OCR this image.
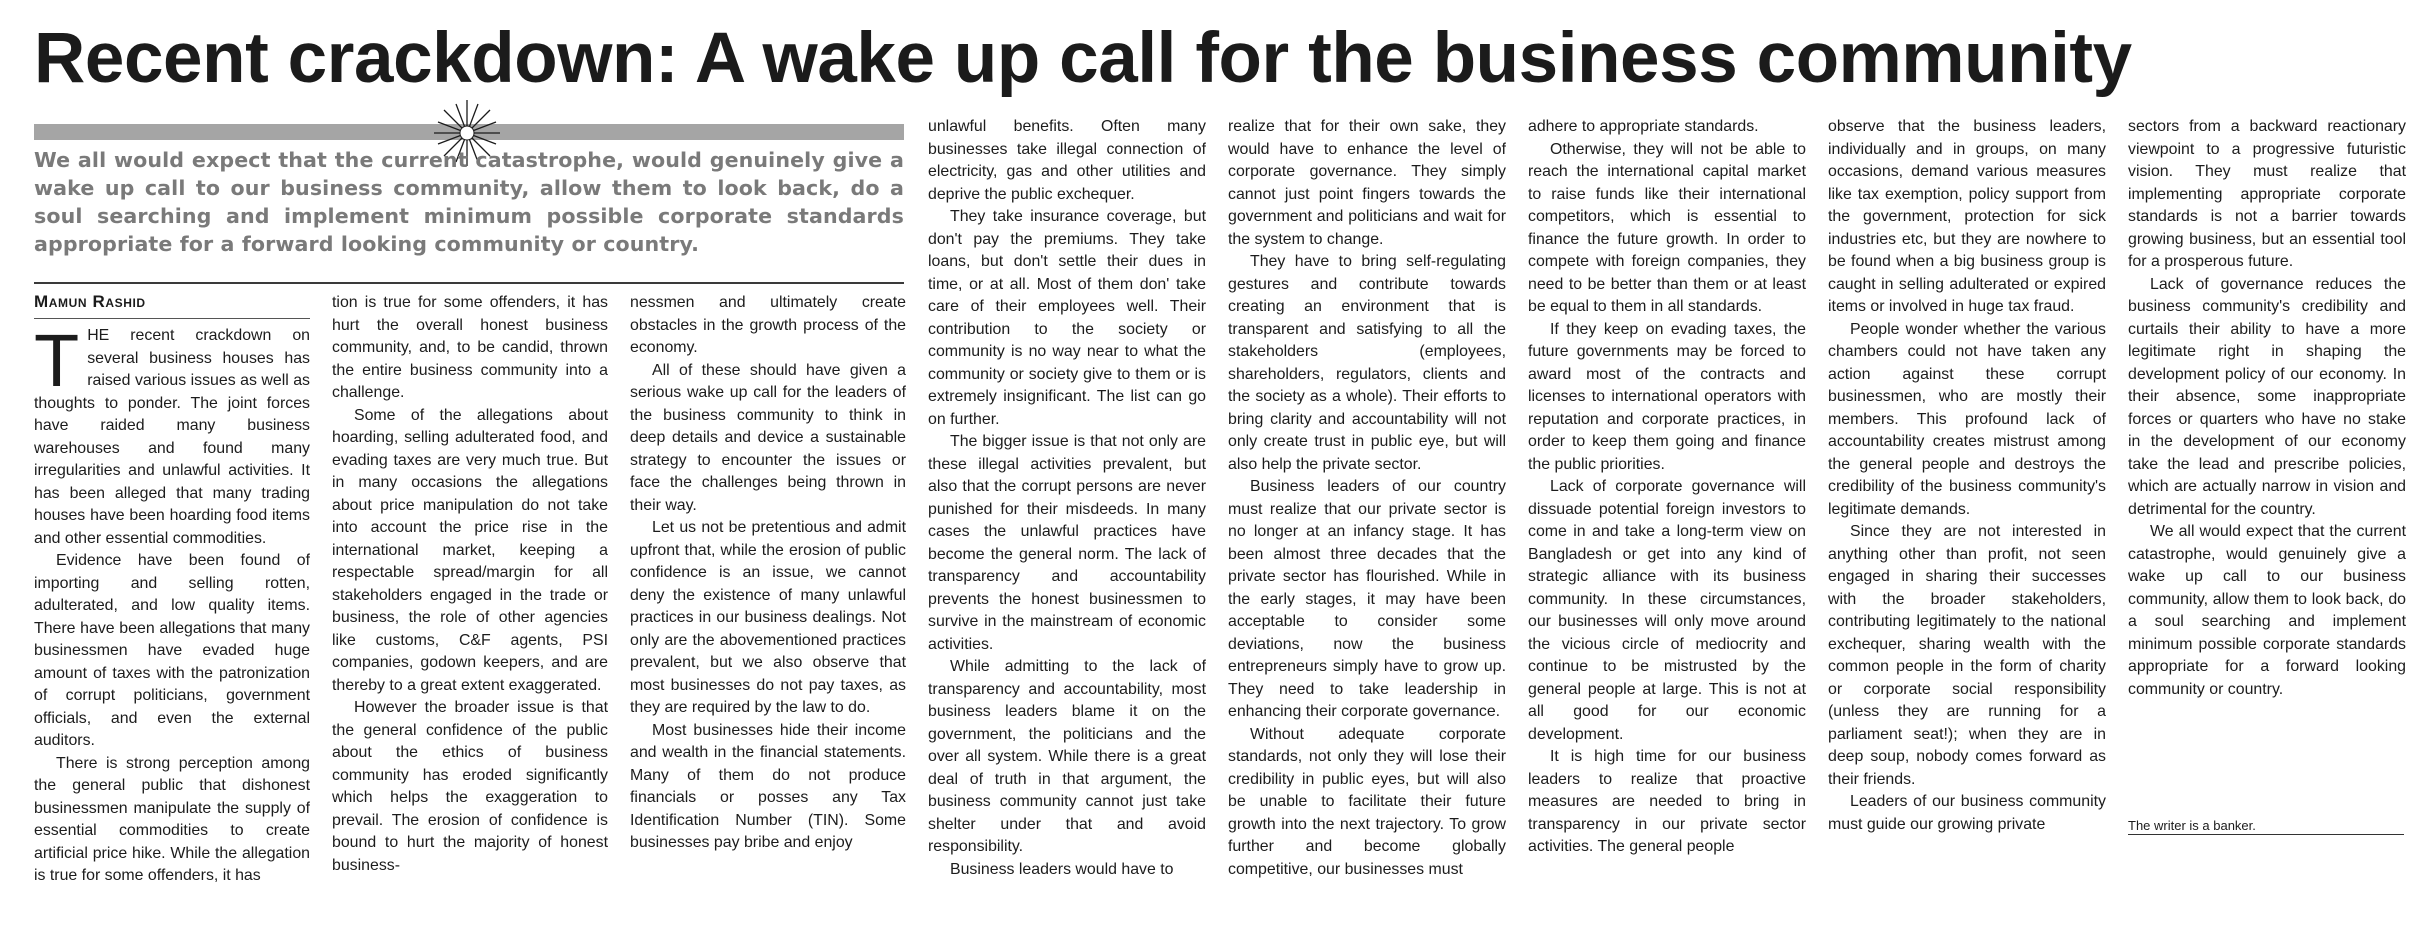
Recent crackdown: A wake up call for the business community

We all would expect that the current catastrophe, would genuinely give a wake up call to our business community, allow them to look back, do a soul searching and implement minimum possible corporate standards appropriate for a forward looking community or country.

Mamun Rashid

THE recent crackdown on several business houses has raised various issues as well as thoughts to ponder. The joint forces have raided many business warehouses and found many irregularities and unlawful activities. It has been alleged that many trading houses have been hoarding food items and other essential commodities.

Evidence have been found of importing and selling rotten, adulterated, and low quality items. There have been allegations that many businessmen have evaded huge amount of taxes with the patronization of corrupt politicians, government officials, and even the external auditors.

There is strong perception among the general public that dishonest businessmen manipulate the supply of essential commodities to create artificial price hike. While the allegation is true for some offenders, it has

tion is true for some offenders, it has hurt the overall honest business community, and, to be candid, thrown the entire business community into a challenge.

Some of the allegations about hoarding, selling adulterated food, and evading taxes are very much true. But in many occasions the allegations about price manipulation do not take into account the price rise in the international market, keeping a respectable spread/margin for all stakeholders engaged in the trade or business, the role of other agencies like customs, C&F agents, PSI companies, godown keepers, and are thereby to a great extent exaggerated.

However the broader issue is that the general confidence of the public about the ethics of business community has eroded significantly which helps the exaggeration to prevail. The erosion of confidence is bound to hurt the majority of honest business-

nessmen and ultimately create obstacles in the growth process of the economy.

All of these should have given a serious wake up call for the leaders of the business community to think in deep details and device a sustainable strategy to encounter the issues or face the challenges being thrown in their way.

Let us not be pretentious and admit upfront that, while the erosion of public confidence is an issue, we cannot deny the existence of many unlawful practices in our business dealings. Not only are the abovementioned practices prevalent, but we also observe that most businesses do not pay taxes, as they are required by the law to do.

Most businesses hide their income and wealth in the financial statements. Many of them do not produce financials or posses any Tax Identification Number (TIN). Some businesses pay bribe and enjoy

unlawful benefits. Often many businesses take illegal connection of electricity, gas and other utilities and deprive the public exchequer.

They take insurance coverage, but don't pay the premiums. They take loans, but don't settle their dues in time, or at all. Most of them don' take care of their employees well. Their contribution to the society or community is no way near to what the community or society give to them or is extremely insignificant. The list can go on further.

The bigger issue is that not only are these illegal activities prevalent, but also that the corrupt persons are never punished for their misdeeds. In many cases the unlawful practices have become the general norm. The lack of transparency and accountability prevents the honest businessmen to survive in the mainstream of economic activities.

While admitting to the lack of transparency and accountability, most business leaders blame it on the government, the politicians and the over all system. While there is a great deal of truth in that argument, the business community cannot just take shelter under that and avoid responsibility.

Business leaders would have to

realize that for their own sake, they would have to enhance the level of corporate governance. They simply cannot just point fingers towards the government and politicians and wait for the system to change.

They have to bring self-regulating gestures and contribute towards creating an environment that is transparent and satisfying to all the stakeholders (employees, shareholders, regulators, clients and the society as a whole). Their efforts to bring clarity and accountability will not only create trust in public eye, but will also help the private sector.

Business leaders of our country must realize that our private sector is no longer at an infancy stage. It has been almost three decades that the private sector has flourished. While in the early stages, it may have been acceptable to consider some deviations, now the business entrepreneurs simply have to grow up. They need to take leadership in enhancing their corporate governance.

Without adequate corporate standards, not only they will lose their credibility in public eyes, but will also be unable to facilitate their future growth into the next trajectory. To grow further and become globally competitive, our businesses must

adhere to appropriate standards.

Otherwise, they will not be able to reach the international capital market to raise funds like their international competitors, which is essential to finance the future growth. In order to compete with foreign companies, they need to be better than them or at least be equal to them in all standards.

If they keep on evading taxes, the future governments may be forced to award most of the contracts and licenses to international operators with reputation and corporate practices, in order to keep them going and finance the public priorities.

Lack of corporate governance will dissuade potential foreign investors to come in and take a long-term view on Bangladesh or get into any kind of strategic alliance with its business community. In these circumstances, our businesses will only move around the vicious circle of mediocrity and continue to be mistrusted by the general people at large. This is not at all good for our economic development.

It is high time for our business leaders to realize that proactive measures are needed to bring in transparency in our private sector activities. The general people

observe that the business leaders, individually and in groups, on many occasions, demand various measures like tax exemption, policy support from the government, protection for sick industries etc, but they are nowhere to be found when a big business group is caught in selling adulterated or expired items or involved in huge tax fraud.

People wonder whether the various chambers could not have taken any action against these corrupt businessmen, who are mostly their members. This profound lack of accountability creates mistrust among the general people and destroys the credibility of the business community's legitimate demands.

Since they are not interested in anything other than profit, not seen engaged in sharing their successes with the broader stakeholders, contributing legitimately to the national exchequer, sharing wealth with the common people in the form of charity or corporate social responsibility (unless they are running for a parliament seat!); when they are in deep soup, nobody comes forward as their friends.

Leaders of our business community must guide our growing private

sectors from a backward reactionary viewpoint to a progressive futuristic vision. They must realize that implementing appropriate corporate standards is not a barrier towards growing business, but an essential tool for a prosperous future.

Lack of governance reduces the business community's credibility and curtails their ability to have a more legitimate right in shaping the development policy of our economy. In their absence, some inappropriate forces or quarters who have no stake in the development of our economy take the lead and prescribe policies, which are actually narrow in vision and detrimental for the country.

We all would expect that the current catastrophe, would genuinely give a wake up call to our business community, allow them to look back, do a soul searching and implement minimum possible corporate standards appropriate for a forward looking community or country.

The writer is a banker.
